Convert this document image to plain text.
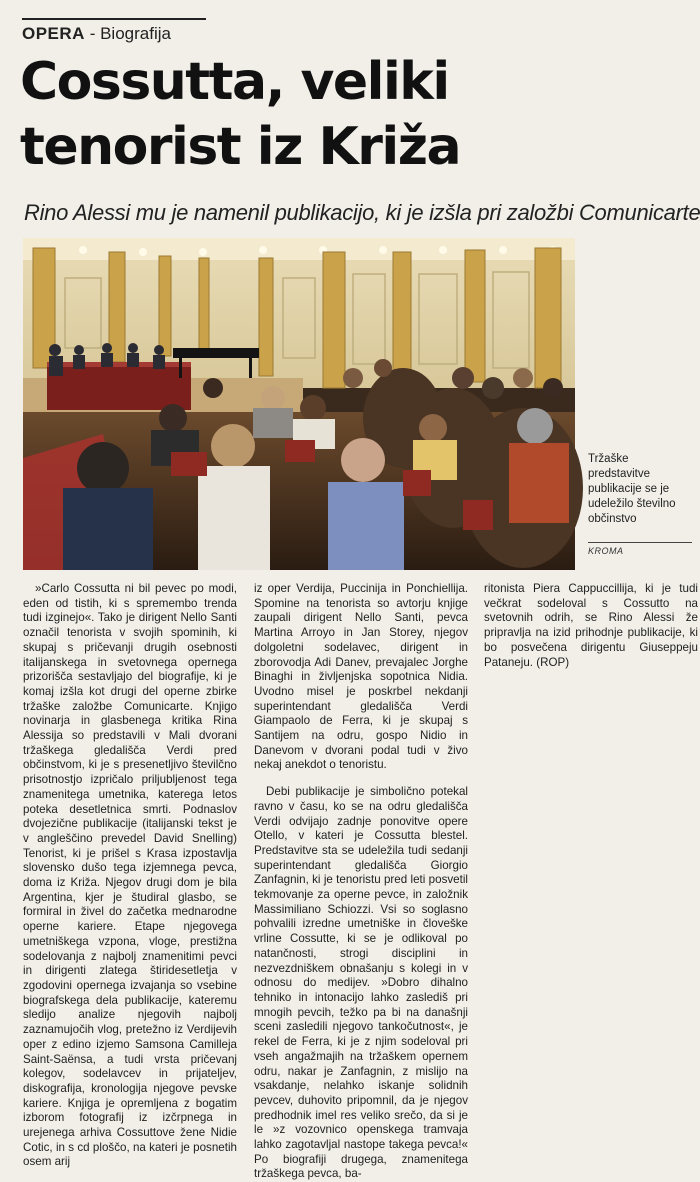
OPERA - Biografija
Cossutta, veliki
tenorist iz Križa
Rino Alessi mu je namenil publikacijo, ki je izšla pri založbi Comunicarte
Tržaške predstavitve publikacije se je udeležilo številno občinstvo
KROMA

»Carlo Cossutta ni bil pevec po modi, eden od tistih, ki s spremembo trenda tudi izginejo«. Tako je dirigent Nello Santi označil tenorista v svojih spominih, ki skupaj s pričevanji drugih osebnosti italijanskega in svetovnega opernega prizorišča sestavljajo del biografije, ki je komaj izšla kot drugi del operne zbirke tržaške založbe Comunicarte. Knjigo novinarja in glasbenega kritika Rina Alessija so predstavili v Mali dvorani tržaškega gledališča Verdi pred občinstvom, ki je s presenetljivo številčno prisotnostjo izpričalo priljubljenost tega znamenitega umetnika, katerega letos poteka desetletnica smrti. Podnaslov dvojezične publikacije (italijanski tekst je v angleščino prevedel David Snelling) Tenorist, ki je prišel s Krasa izpostavlja slovensko dušo tega izjemnega pevca, doma iz Križa. Njegov drugi dom je bila Argentina, kjer je študiral glasbo, se formiral in živel do začetka mednarodne operne kariere. Etape njegovega umetniškega vzpona, vloge, prestižna sodelovanja z najbolj znamenitimi pevci in dirigenti zlatega štiridesetletja v zgodovini opernega izvajanja so vsebine biografskega dela publikacije, kateremu sledijo analize njegovih najbolj zaznamujočih vlog, pretežno iz Verdijevih oper z edino izjemo Samsona Camilleja Saint-Saënsa, a tudi vrsta pričevanj kolegov, sodelavcev in prijateljev, diskografija, kronologija njegove pevske kariere. Knjiga je opremljena z bogatim izborom fotografij iz izčrpnega in urejenega arhiva Cossuttove žene Nidie Cotic, in s cd ploščo, na kateri je posnetih osem arij

iz oper Verdija, Puccinija in Ponchiellija. Spomine na tenorista so avtorju knjige zaupali dirigent Nello Santi, pevca Martina Arroyo in Jan Storey, njegov dolgoletni sodelavec, dirigent in zborovodja Adi Danev, prevajalec Jorghe Binaghi in življenjska sopotnica Nidia. Uvodno misel je poskrbel nekdanji superintendant gledališča Verdi Giampaolo de Ferra, ki je skupaj s Santijem na odru, gospo Nidio in Danevom v dvorani podal tudi v živo nekaj anekdot o tenoristu.

Debi publikacije je simbolično potekal ravno v času, ko se na odru gledališča Verdi odvijajo zadnje ponovitve opere Otello, v kateri je Cossutta blestel. Predstavitve sta se udeležila tudi sedanji superintendant gledališča Giorgio Zanfagnin, ki je tenoristu pred leti posvetil tekmovanje za operne pevce, in založnik Massimiliano Schiozzi. Vsi so soglasno pohvalili izredne umetniške in človeške vrline Cossutte, ki se je odlikoval po natančnosti, strogi disciplini in nezvezdniškem obnašanju s kolegi in v odnosu do medijev. »Dobro dihalno tehniko in intonacijo lahko zaslediš pri mnogih pevcih, težko pa bi na današnji sceni zasledili njegovo tankočutnost«, je rekel de Ferra, ki je z njim sodeloval pri vseh angažmajih na tržaškem opernem odru, nakar je Zanfagnin, z mislijo na vsakdanje, nelahko iskanje solidnih pevcev, duhovito pripomnil, da je njegov predhodnik imel res veliko srečo, da si je le »z vozovnico openskega tramvaja lahko zagotavljal nastope takega pevca!« Po biografiji drugega, znamenitega tržaškega pevca, ba-

ritonista Piera Cappuccillija, ki je tudi večkrat sodeloval s Cossutto na svetovnih odrih, se Rino Alessi že pripravlja na izid prihodnje publikacije, ki bo posvečena dirigentu Giuseppeju Pataneju. (ROP)
